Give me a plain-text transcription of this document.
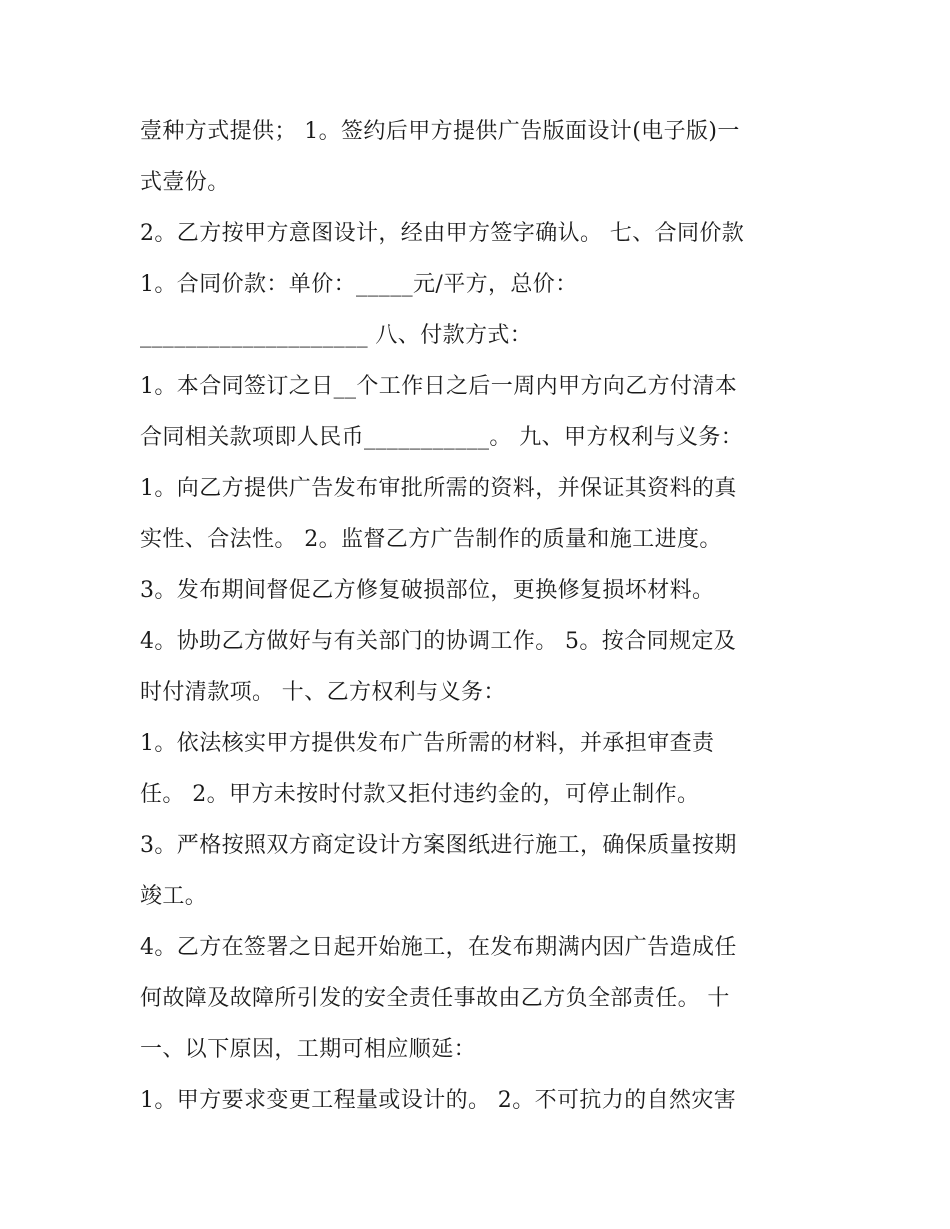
壹种方式提供； 1。签约后甲方提供广告版面设计(电子版)一
式壹份。
2。乙方按甲方意图设计，经由甲方签字确认。 七、合同价款
1。合同价款：单价：_____元/平方，总价：
____________________ 八、付款方式：
1。本合同签订之日__个工作日之后一周内甲方向乙方付清本
合同相关款项即人民币___________。 九、甲方权利与义务：
1。向乙方提供广告发布审批所需的资料，并保证其资料的真
实性、合法性。 2。监督乙方广告制作的质量和施工进度。
3。发布期间督促乙方修复破损部位，更换修复损坏材料。
4。协助乙方做好与有关部门的协调工作。 5。按合同规定及
时付清款项。 十、乙方权利与义务：
1。依法核实甲方提供发布广告所需的材料，并承担审查责
任。 2。甲方未按时付款又拒付违约金的，可停止制作。
3。严格按照双方商定设计方案图纸进行施工，确保质量按期
竣工。
4。乙方在签署之日起开始施工，在发布期满内因广告造成任
何故障及故障所引发的安全责任事故由乙方负全部责任。 十
一、以下原因，工期可相应顺延：
1。甲方要求变更工程量或设计的。 2。不可抗力的自然灾害
